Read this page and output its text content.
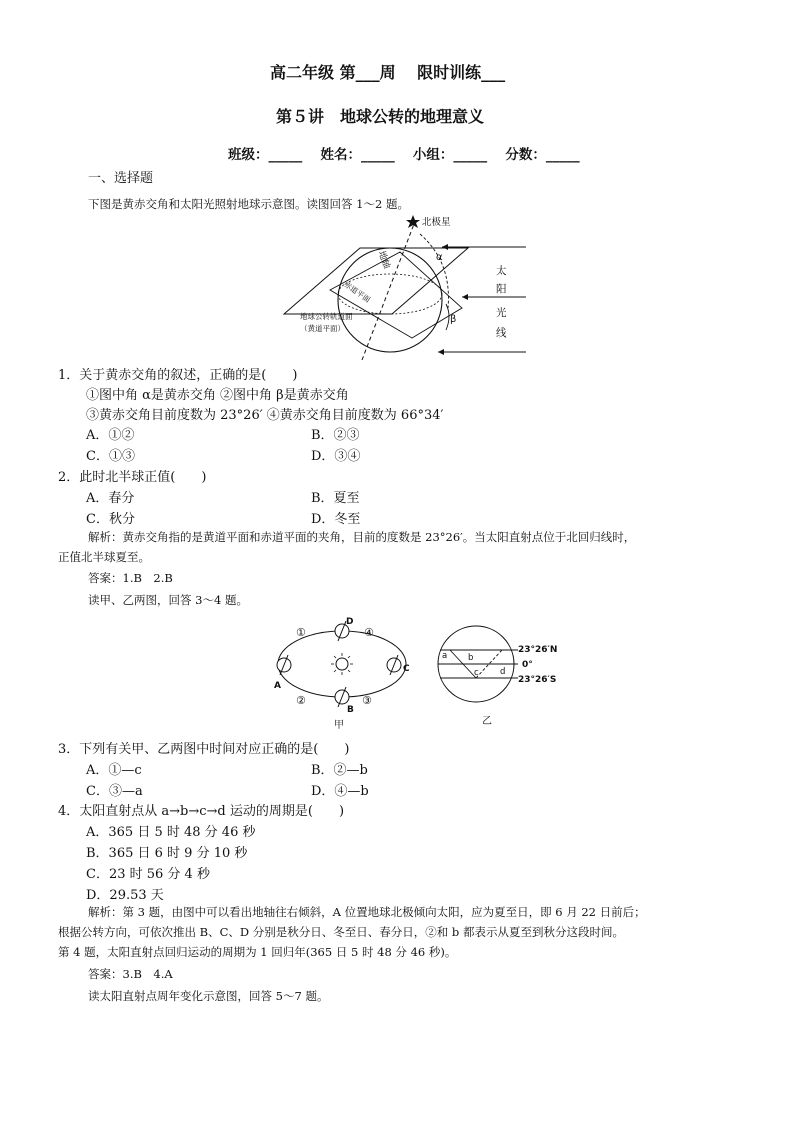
高二年级 第___周　 限时训练___
第５讲　地球公转的地理意义
班级：_____　 姓名：_____　 小组：_____　 分数：_____
一、选择题
下图是黄赤交角和太阳光照射地球示意图。读图回答 1～2 题。
北极星
地轴
赤道平面
地球公转轨道面
（黄道平面）
α
β
太
阳
光
线
1．关于黄赤交角的叙述，正确的是(　　)
①图中角 α是黄赤交角 ②图中角 β是黄赤交角
③黄赤交角目前度数为 23°26′ ④黄赤交角目前度数为 66°34′
A．①②	B．②③
C．①③	D．③④
2．此时北半球正值(　　)
A．春分	B．夏至
C．秋分	D．冬至
解析：黄赤交角指的是黄道平面和赤道平面的夹角，目前的度数是 23°26′。当太阳直射点位于北回归线时，
正值北半球夏至。
答案：1.B　2.B
读甲、乙两图，回答 3～4 题。
D
A
B
C
①	④
②	③
甲
23°26′N
0°
23°26′S
a b
c	d
乙
3．下列有关甲、乙两图中时间对应正确的是(　　)
A．①—c	B．②—b
C．③—a	D．④—b
4．太阳直射点从 a→b→c→d 运动的周期是(　　)
A．365 日 5 时 48 分 46 秒
B．365 日 6 时 9 分 10 秒
C．23 时 56 分 4 秒
D．29.53 天
解析：第 3 题，由图中可以看出地轴往右倾斜，A 位置地球北极倾向太阳，应为夏至日，即 6 月 22 日前后；
根据公转方向，可依次推出 B、C、D 分别是秋分日、冬至日、春分日，②和 b 都表示从夏至到秋分这段时间。
第 4 题，太阳直射点回归运动的周期为 1 回归年(365 日 5 时 48 分 46 秒)。
答案：3.B　4.A
读太阳直射点周年变化示意图，回答 5～7 题。
